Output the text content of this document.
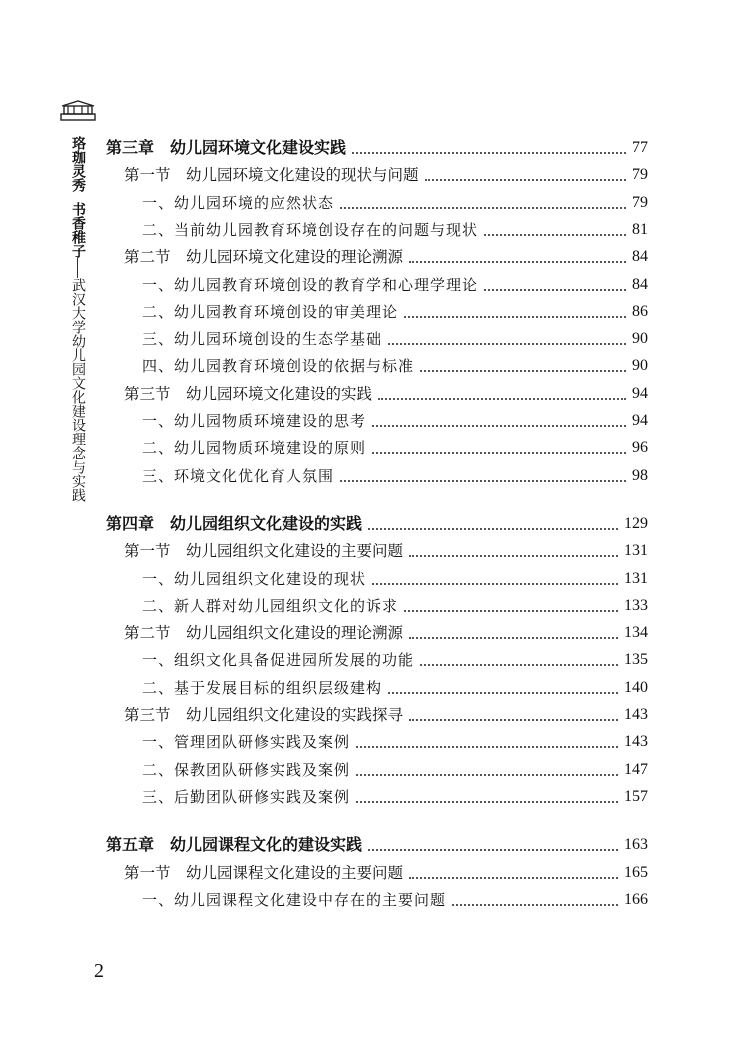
珞珈灵秀
书香稚子
武汉大学幼儿园文化建设理念与实践
第三章　幼儿园环境文化建设实践	77
第一节　幼儿园环境文化建设的现状与问题	79
一、幼儿园环境的应然状态	79
二、当前幼儿园教育环境创设存在的问题与现状	81
第二节　幼儿园环境文化建设的理论溯源	84
一、幼儿园教育环境创设的教育学和心理学理论	84
二、幼儿园教育环境创设的审美理论	86
三、幼儿园环境创设的生态学基础	90
四、幼儿园教育环境创设的依据与标准	90
第三节　幼儿园环境文化建设的实践	94
一、幼儿园物质环境建设的思考	94
二、幼儿园物质环境建设的原则	96
三、环境文化优化育人氛围	98
第四章　幼儿园组织文化建设的实践	129
第一节　幼儿园组织文化建设的主要问题	131
一、幼儿园组织文化建设的现状	131
二、新人群对幼儿园组织文化的诉求	133
第二节　幼儿园组织文化建设的理论溯源	134
一、组织文化具备促进园所发展的功能	135
二、基于发展目标的组织层级建构	140
第三节　幼儿园组织文化建设的实践探寻	143
一、管理团队研修实践及案例	143
二、保教团队研修实践及案例	147
三、后勤团队研修实践及案例	157
第五章　幼儿园课程文化的建设实践	163
第一节　幼儿园课程文化建设的主要问题	165
一、幼儿园课程文化建设中存在的主要问题	166
2
